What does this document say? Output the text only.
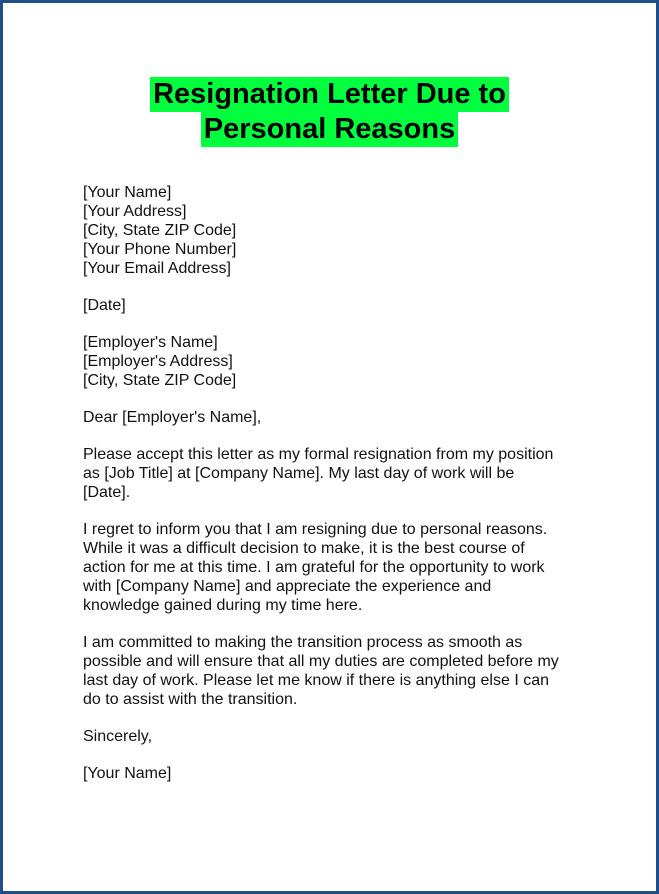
Resignation Letter Due to
Personal Reasons
[Your Name]
[Your Address]
[City, State ZIP Code]
[Your Phone Number]
[Your Email Address]
[Date]
[Employer's Name]
[Employer's Address]
[City, State ZIP Code]
Dear [Employer's Name],
Please accept this letter as my formal resignation from my position
as [Job Title] at [Company Name]. My last day of work will be
[Date].
I regret to inform you that I am resigning due to personal reasons.
While it was a difficult decision to make, it is the best course of
action for me at this time. I am grateful for the opportunity to work
with [Company Name] and appreciate the experience and
knowledge gained during my time here.
I am committed to making the transition process as smooth as
possible and will ensure that all my duties are completed before my
last day of work. Please let me know if there is anything else I can
do to assist with the transition.
Sincerely,
[Your Name]
